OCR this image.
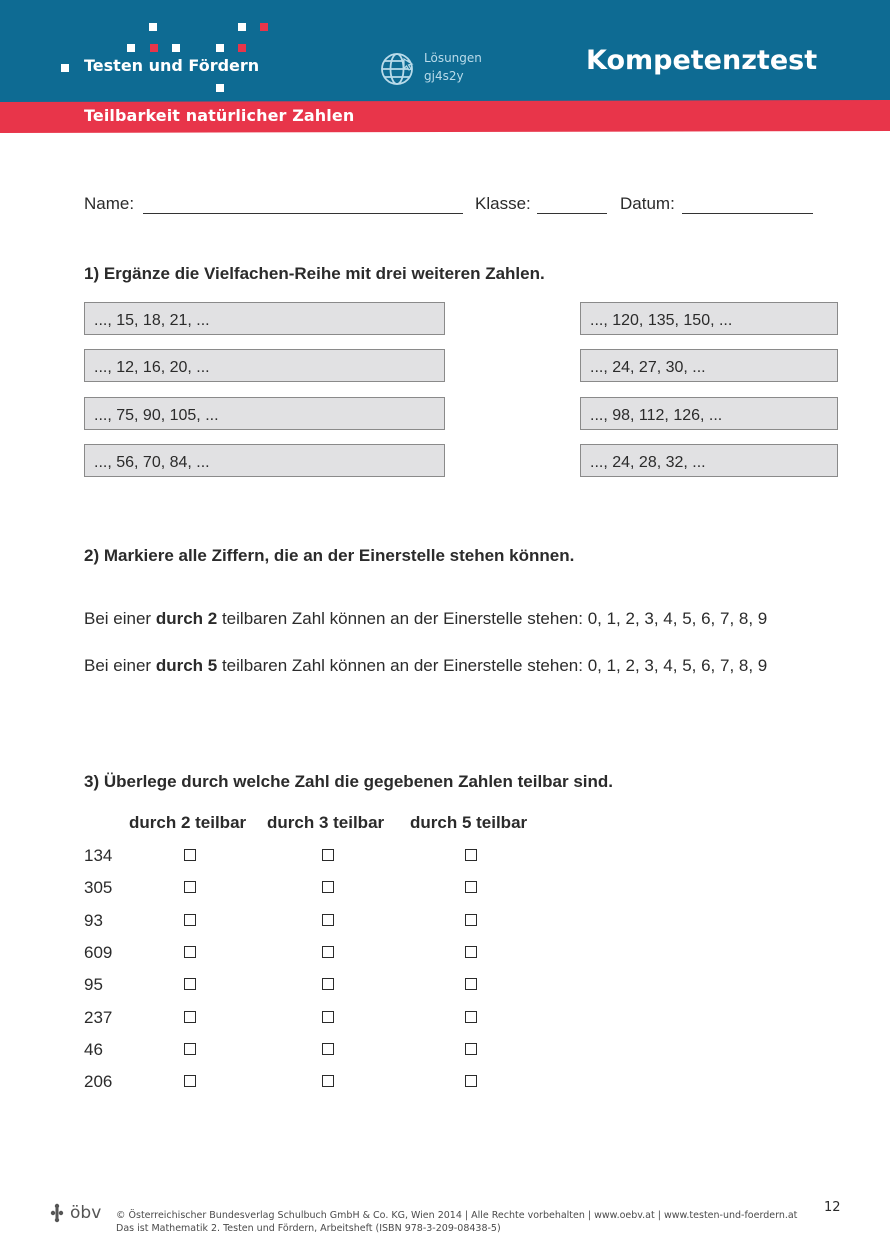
Testen und Fördern	Lösungen
gj4s2y	Kompetenztest
Teilbarkeit natürlicher Zahlen
Name:	Klasse:	Datum:
1) Ergänze die Vielfachen-Reihe mit drei weiteren Zahlen.
..., 15, 18, 21, ...
..., 12, 16, 20, ...
..., 75, 90, 105, ...
..., 56, 70, 84, ...
..., 120, 135, 150, ...
..., 24, 27, 30, ...
..., 98, 112, 126, ...
..., 24, 28, 32, ...
2) Markiere alle Ziffern, die an der Einerstelle stehen können.
Bei einer durch 2 teilbaren Zahl können an der Einerstelle stehen: 0, 1, 2, 3, 4, 5, 6, 7, 8, 9
Bei einer durch 5 teilbaren Zahl können an der Einerstelle stehen: 0, 1, 2, 3, 4, 5, 6, 7, 8, 9
3) Überlege durch welche Zahl die gegebenen Zahlen teilbar sind.
durch 2 teilbar durch 3 teilbar durch 5 teilbar
134
305
93
609
95
237
46
206
öbv © Österreichischer Bundesverlag Schulbuch GmbH & Co. KG, Wien 2014 | Alle Rechte vorbehalten | www.oebv.at | www.testen-und-foerdern.at
Das ist Mathematik 2. Testen und Fördern, Arbeitsheft (ISBN 978-3-209-08438-5)
12
